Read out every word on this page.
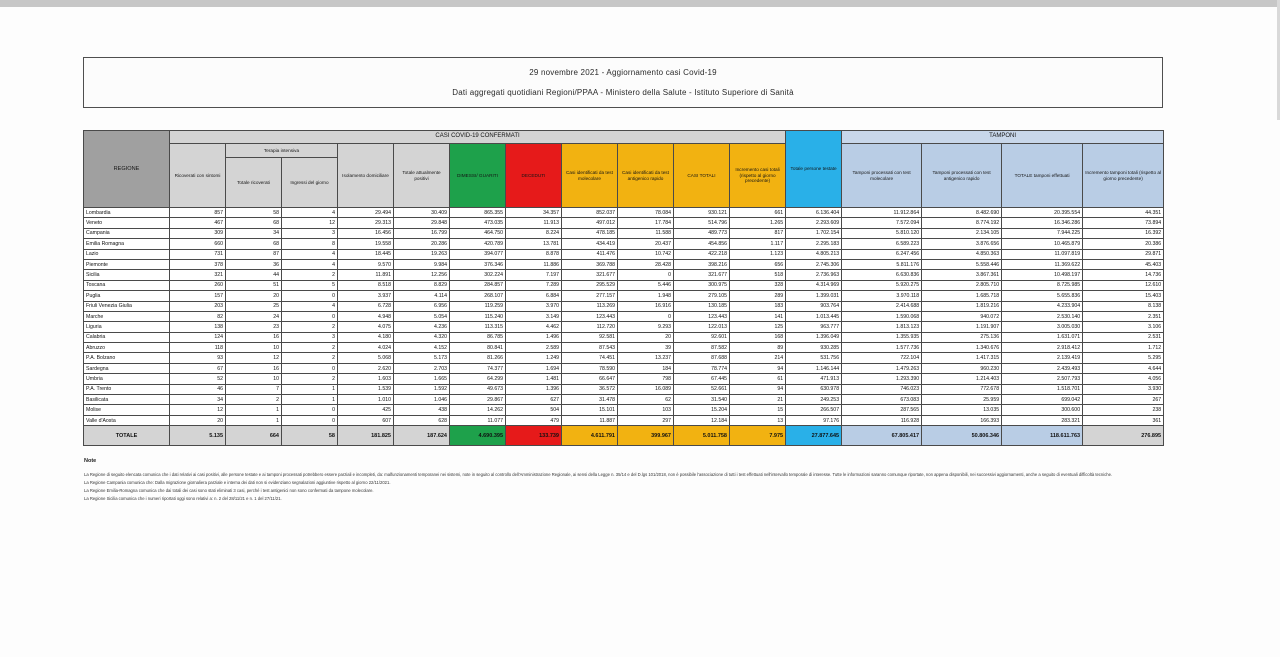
29 novembre 2021 - Aggiornamento casi Covid-19
Dati aggregati quotidiani Regioni/PPAA - Ministero della Salute - Istituto Superiore di Sanità
REGIONE	CASI COVID-19 CONFERMATI											Totale persone testate	TAMPONI			
	Ricoverati con sintomi	Terapia intensiva		Isolamento domiciliare	Totale attualmente positivi	DIMESSI/ GUARITI	DECEDUTI	Casi identificati da test molecolare	Casi identificati da test antigenico rapido	CASI TOTALI	Incremento casi totali (rispetto al giorno precedente)		Tamponi processati con test molecolare	Tamponi processati con test antigenico rapido	TOTALE tamponi effettuati	Incremento tamponi totali (rispetto al giorno precedente)
		Totale ricoverati	Ingressi del giorno													
Lombardia	857	58	4	29.494	30.409	865.355	34.357	852.037	78.084	930.121	661	6.136.404	11.912.864	8.482.690	20.395.554	44.351
Veneto	467	68	12	29.313	29.848	473.035	11.913	497.012	17.784	514.796	1.265	2.293.609	7.572.094	8.774.192	16.346.286	73.894
Campania	309	34	3	16.456	16.799	464.750	8.224	478.185	11.588	489.773	817	1.702.154	5.810.120	2.134.105	7.944.225	16.392
Emilia Romagna	660	68	8	19.558	20.286	420.789	13.781	434.419	20.437	454.856	1.117	2.295.183	6.589.223	3.876.656	10.465.879	20.386
Lazio	731	87	4	18.445	19.263	394.077	8.878	411.476	10.742	422.218	1.123	4.805.213	6.247.456	4.850.363	11.097.819	29.871
Piemonte	378	36	4	9.570	9.984	376.346	11.886	369.788	28.428	398.216	656	2.745.306	5.811.176	5.558.446	11.369.622	45.403
Sicilia	321	44	2	11.891	12.256	302.224	7.197	321.677	0	321.677	518	2.736.963	6.630.836	3.867.361	10.498.197	14.736
Toscana	260	51	5	8.518	8.829	284.857	7.289	295.529	5.446	300.975	328	4.314.969	5.920.275	2.805.710	8.725.985	12.610
Puglia	157	20	0	3.937	4.114	268.107	6.884	277.157	1.948	279.105	289	1.399.031	3.970.118	1.685.718	5.655.836	15.403
Friuli Venezia Giulia	203	25	4	6.728	6.956	119.259	3.970	113.269	16.916	130.185	183	903.764	2.414.688	1.819.216	4.233.904	8.138
Marche	82	24	0	4.948	5.054	115.240	3.149	123.443	0	123.443	141	1.013.445	1.590.068	940.072	2.530.140	2.351
Liguria	138	23	2	4.075	4.236	113.315	4.462	112.720	9.293	122.013	125	963.777	1.813.123	1.191.907	3.005.030	3.106
Calabria	124	16	3	4.180	4.320	86.785	1.496	92.581	20	92.601	168	1.396.049	1.355.935	275.136	1.631.071	2.531
Abruzzo	118	10	2	4.024	4.152	80.841	2.589	87.543	39	87.582	89	930.285	1.577.736	1.340.676	2.918.412	1.712
P.A. Bolzano	93	12	2	5.068	5.173	81.266	1.249	74.451	13.237	87.688	214	531.756	722.104	1.417.315	2.139.419	5.295
Sardegna	67	16	0	2.620	2.703	74.377	1.694	78.590	184	78.774	94	1.146.144	1.479.263	960.230	2.439.493	4.644
Umbria	52	10	2	1.603	1.665	64.299	1.481	66.647	798	67.445	61	471.913	1.293.390	1.214.403	2.507.793	4.056
P.A. Trento	46	7	1	1.539	1.592	49.673	1.396	36.572	16.089	52.661	94	630.978	746.023	772.678	1.518.701	3.930
Basilicata	34	2	1	1.010	1.046	29.867	627	31.478	62	31.540	21	249.253	673.083	25.959	699.042	267
Molise	12	1	0	425	438	14.262	504	15.101	103	15.204	15	266.507	287.565	13.035	300.600	238
Valle d'Aosta	20	1	0	607	628	11.077	479	11.887	297	12.184	13	97.176	116.928	166.393	283.321	361
TOTALE	5.135	664	58	181.825	187.624	4.690.395	133.739	4.611.791	399.967	5.011.758	7.975	27.877.645	67.805.417	50.806.346	118.611.763	276.895
Note
La Regione di seguito elencata comunica che i dati relativi ai casi positivi, alle persone testate e ai tamponi processati potrebbero essere parziali e incompleti, da: malfunzionamenti temporanei nei sistemi, note in seguito al controllo dell'Amministrazione Regionale, ai sensi della Legge n. 35/14 e del D.lgs 101/2018, non è possibile l'associazione di tutti i test effettuati nell'intervallo temporale di interesse. Tutte le informazioni saranno comunque riportate, non appena disponibili, nei successivi aggiornamenti, anche a seguito di eventuali difficoltà tecniche.
La Regione Campania comunica che: Dalla migrazione giornaliera parziale e interna dei dati non si evidenziano segnalazioni aggiuntive rispetto al giorno 22/11/2021.
La Regione Emilia-Romagna comunica che dai totali dei casi sono stati eliminati 3 casi, perché i test antigenici non sono confermati da tampone molecolare.
La Regione Sicilia comunica che i numeri riportati oggi sono relativi a: n. 2 del 28/11/21 e n. 1 del 27/11/21.
